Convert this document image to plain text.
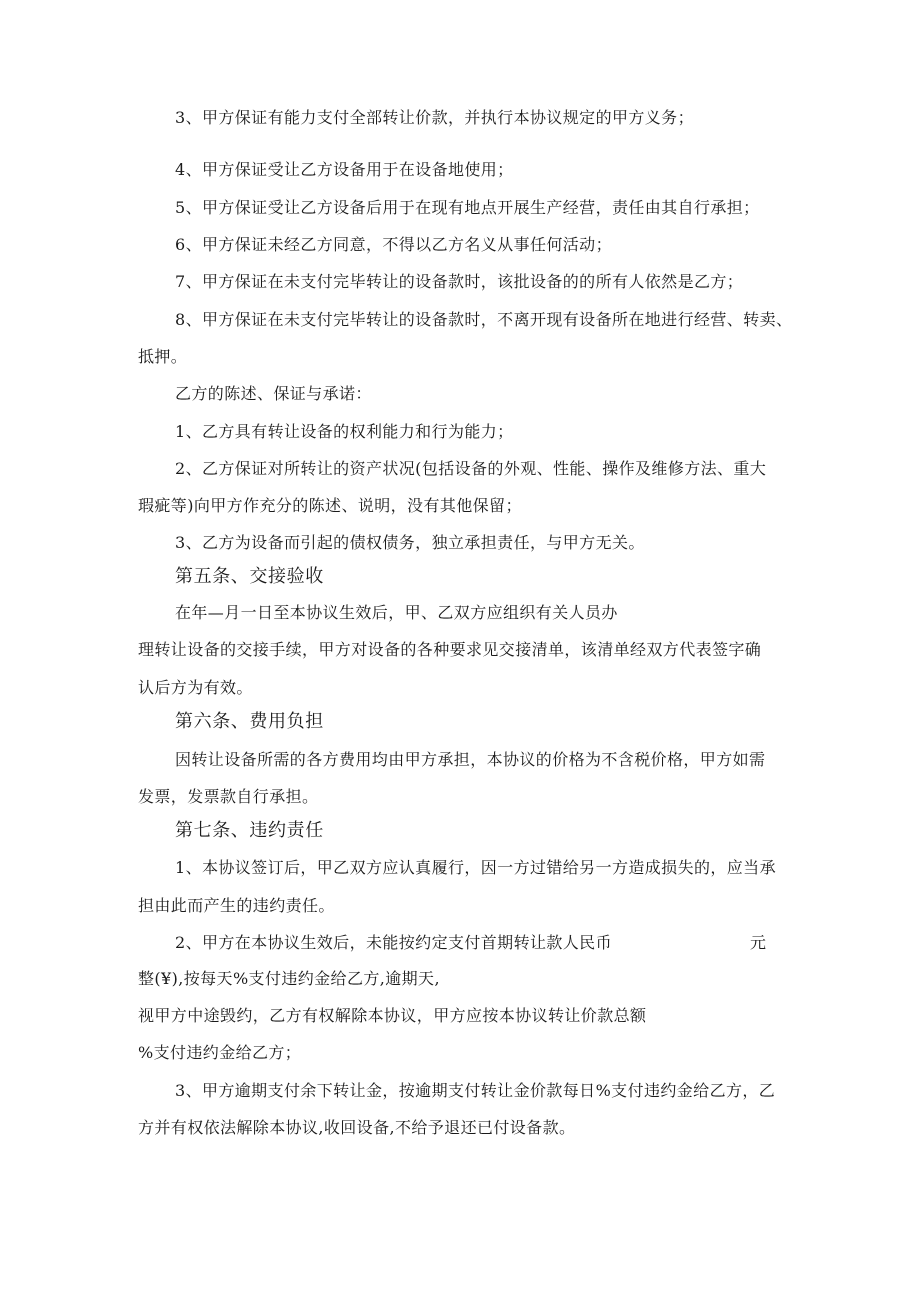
3、甲方保证有能力支付全部转让价款，并执行本协议规定的甲方义务；

4、甲方保证受让乙方设备用于在设备地使用；

5、甲方保证受让乙方设备后用于在现有地点开展生产经营，责任由其自行承担；

6、甲方保证未经乙方同意，不得以乙方名义从事任何活动；

7、甲方保证在未支付完毕转让的设备款时，该批设备的的所有人依然是乙方；

8、甲方保证在未支付完毕转让的设备款时，不离开现有设备所在地进行经营、转卖、

抵押。

乙方的陈述、保证与承诺：

1、乙方具有转让设备的权利能力和行为能力；

2、乙方保证对所转让的资产状况(包括设备的外观、性能、操作及维修方法、重大

瑕疵等)向甲方作充分的陈述、说明，没有其他保留；

3、乙方为设备而引起的债权债务，独立承担责任，与甲方无关。

第五条、交接验收

在年—月一日至本协议生效后，甲、乙双方应组织有关人员办

理转让设备的交接手续，甲方对设备的各种要求见交接清单，该清单经双方代表签字确

认后方为有效。

第六条、费用负担

因转让设备所需的各方费用均由甲方承担，本协议的价格为不含税价格，甲方如需

发票，发票款自行承担。

第七条、违约责任

1、本协议签订后，甲乙双方应认真履行，因一方过错给另一方造成损失的，应当承

担由此而产生的违约责任。

2、甲方在本协议生效后，未能按约定支付首期转让款人民币	元

整(¥),按每天%支付违约金给乙方,逾期天,

视甲方中途毁约，乙方有权解除本协议，甲方应按本协议转让价款总额

%支付违约金给乙方；

3、甲方逾期支付余下转让金，按逾期支付转让金价款每日%支付违约金给乙方，乙

方并有权依法解除本协议,收回设备,不给予退还已付设备款。
